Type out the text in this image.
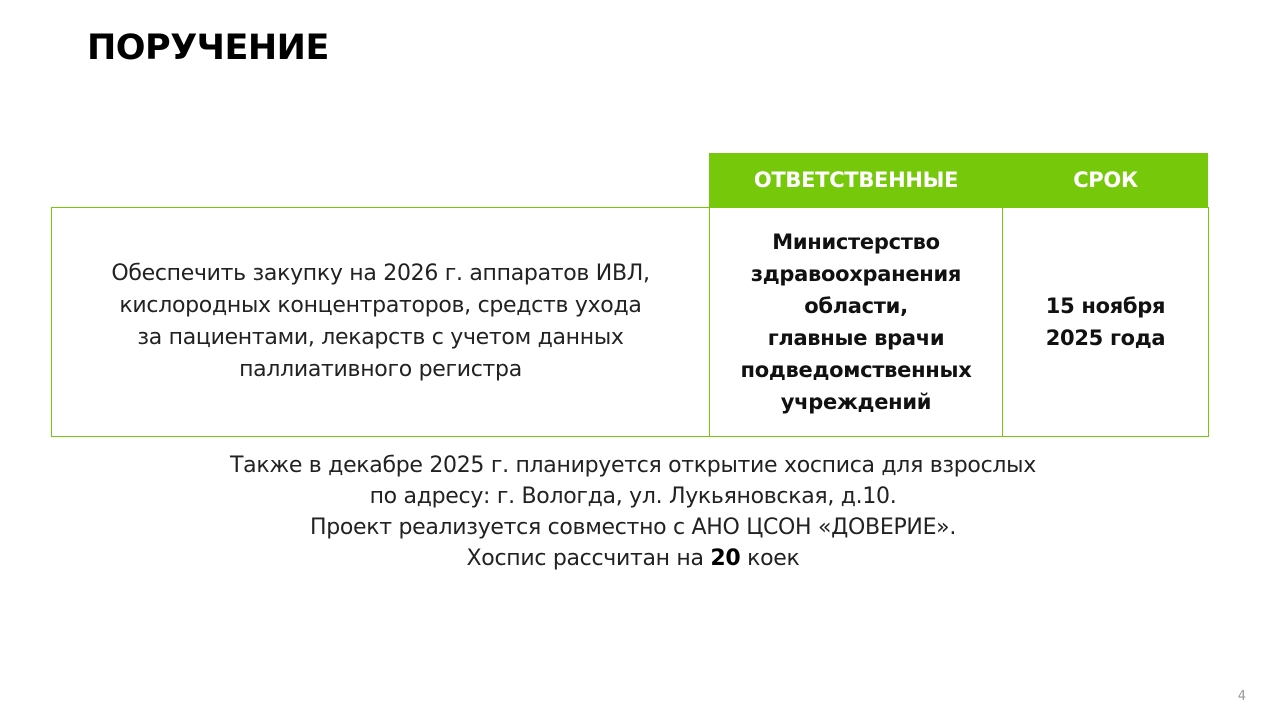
ПОРУЧЕНИЕ
ОТВЕТСТВЕННЫЕ	СРОК
Обеспечить закупку на 2026 г. аппаратов ИВЛ,
кислородных концентраторов, средств ухода
за пациентами, лекарств с учетом данных
паллиативного регистра
Министерство
здравоохранения
области,
главные врачи
подведомственных
учреждений
15 ноября
2025 года
Также в декабре 2025 г. планируется открытие хосписа для взрослых
по адресу: г. Вологда, ул. Лукьяновская, д.10.
Проект реализуется совместно с АНО ЦСОН «ДОВЕРИЕ».
Хоспис рассчитан на 20 коек
4
